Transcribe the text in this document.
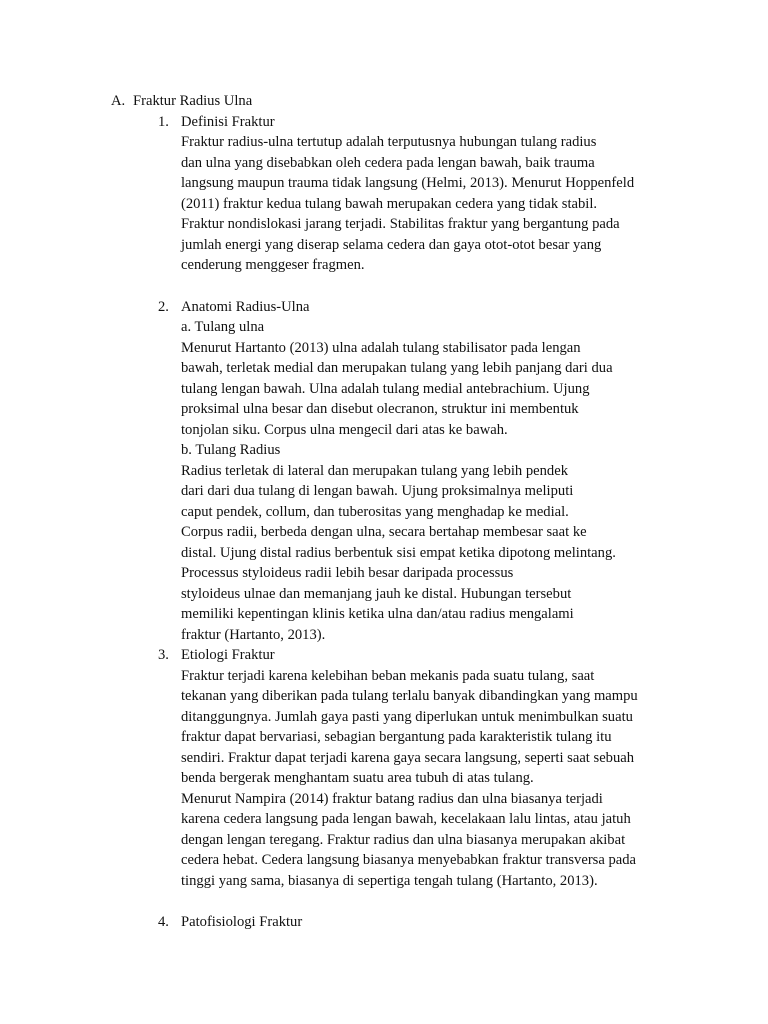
A. Fraktur Radius Ulna
1. Definisi Fraktur
Fraktur radius-ulna tertutup adalah terputusnya hubungan tulang radius
dan ulna yang disebabkan oleh cedera pada lengan bawah, baik trauma
langsung maupun trauma tidak langsung (Helmi, 2013). Menurut Hoppenfeld
(2011) fraktur kedua tulang bawah merupakan cedera yang tidak stabil.
Fraktur nondislokasi jarang terjadi. Stabilitas fraktur yang bergantung pada
jumlah energi yang diserap selama cedera dan gaya otot-otot besar yang
cenderung menggeser fragmen.
2. Anatomi Radius-Ulna
a. Tulang ulna
Menurut Hartanto (2013) ulna adalah tulang stabilisator pada lengan
bawah, terletak medial dan merupakan tulang yang lebih panjang dari dua
tulang lengan bawah. Ulna adalah tulang medial antebrachium. Ujung
proksimal ulna besar dan disebut olecranon, struktur ini membentuk
tonjolan siku. Corpus ulna mengecil dari atas ke bawah.
b. Tulang Radius
Radius terletak di lateral dan merupakan tulang yang lebih pendek
dari dari dua tulang di lengan bawah. Ujung proksimalnya meliputi
caput pendek, collum, dan tuberositas yang menghadap ke medial.
Corpus radii, berbeda dengan ulna, secara bertahap membesar saat ke
distal. Ujung distal radius berbentuk sisi empat ketika dipotong melintang.
Processus styloideus radii lebih besar daripada processus
styloideus ulnae dan memanjang jauh ke distal. Hubungan tersebut
memiliki kepentingan klinis ketika ulna dan/atau radius mengalami
fraktur (Hartanto, 2013).
3. Etiologi Fraktur
Fraktur terjadi karena kelebihan beban mekanis pada suatu tulang, saat
tekanan yang diberikan pada tulang terlalu banyak dibandingkan yang mampu
ditanggungnya. Jumlah gaya pasti yang diperlukan untuk menimbulkan suatu
fraktur dapat bervariasi, sebagian bergantung pada karakteristik tulang itu
sendiri. Fraktur dapat terjadi karena gaya secara langsung, seperti saat sebuah
benda bergerak menghantam suatu area tubuh di atas tulang.
Menurut Nampira (2014) fraktur batang radius dan ulna biasanya terjadi
karena cedera langsung pada lengan bawah, kecelakaan lalu lintas, atau jatuh
dengan lengan teregang. Fraktur radius dan ulna biasanya merupakan akibat
cedera hebat. Cedera langsung biasanya menyebabkan fraktur transversa pada
tinggi yang sama, biasanya di sepertiga tengah tulang (Hartanto, 2013).
4. Patofisiologi Fraktur
